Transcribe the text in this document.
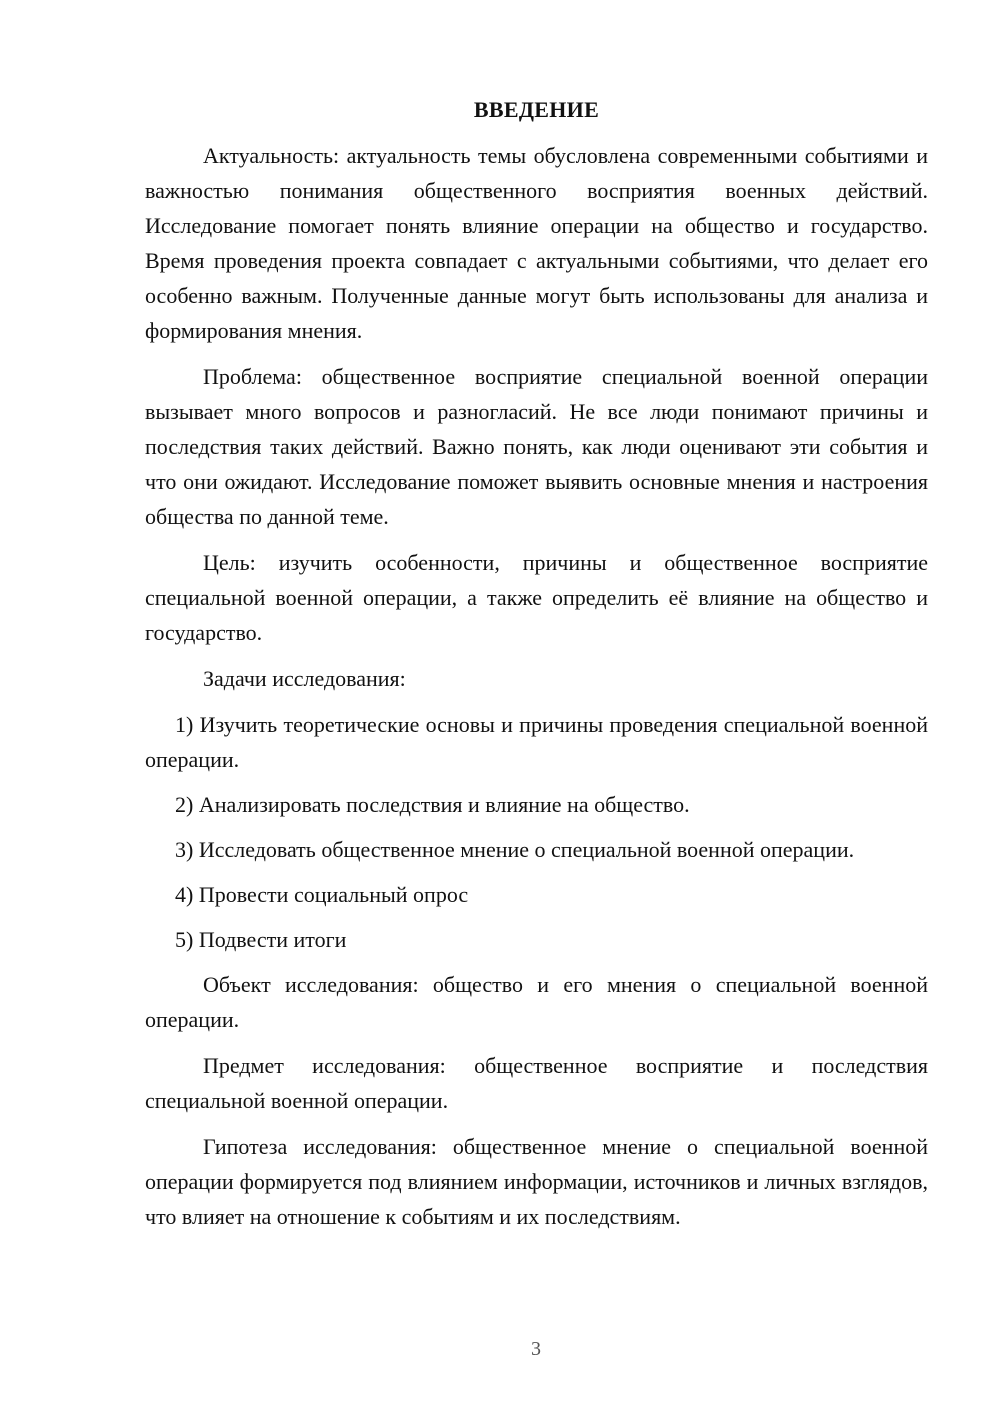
ВВЕДЕНИЕ

Актуальность: актуальность темы обусловлена современными событиями и важностью понимания общественного восприятия военных действий. Исследование помогает понять влияние операции на общество и государство. Время проведения проекта совпадает с актуальными событиями, что делает его особенно важным. Полученные данные могут быть использованы для анализа и формирования мнения.

Проблема: общественное восприятие специальной военной операции вызывает много вопросов и разногласий. Не все люди понимают причины и последствия таких действий. Важно понять, как люди оценивают эти события и что они ожидают. Исследование поможет выявить основные мнения и настроения общества по данной теме.

Цель: изучить особенности, причины и общественное восприятие специальной военной операции, а также определить её влияние на общество и государство.

Задачи исследования:

1) Изучить теоретические основы и причины проведения специальной военной операции.

2) Анализировать последствия и влияние на общество.

3) Исследовать общественное мнение о специальной военной операции.

4) Провести социальный опрос

5) Подвести итоги

Объект исследования: общество и его мнения о специальной военной операции.

Предмет исследования: общественное восприятие и последствия специальной военной операции.

Гипотеза исследования: общественное мнение о специальной военной операции формируется под влиянием информации, источников и личных взглядов, что влияет на отношение к событиям и их последствиям.

3
